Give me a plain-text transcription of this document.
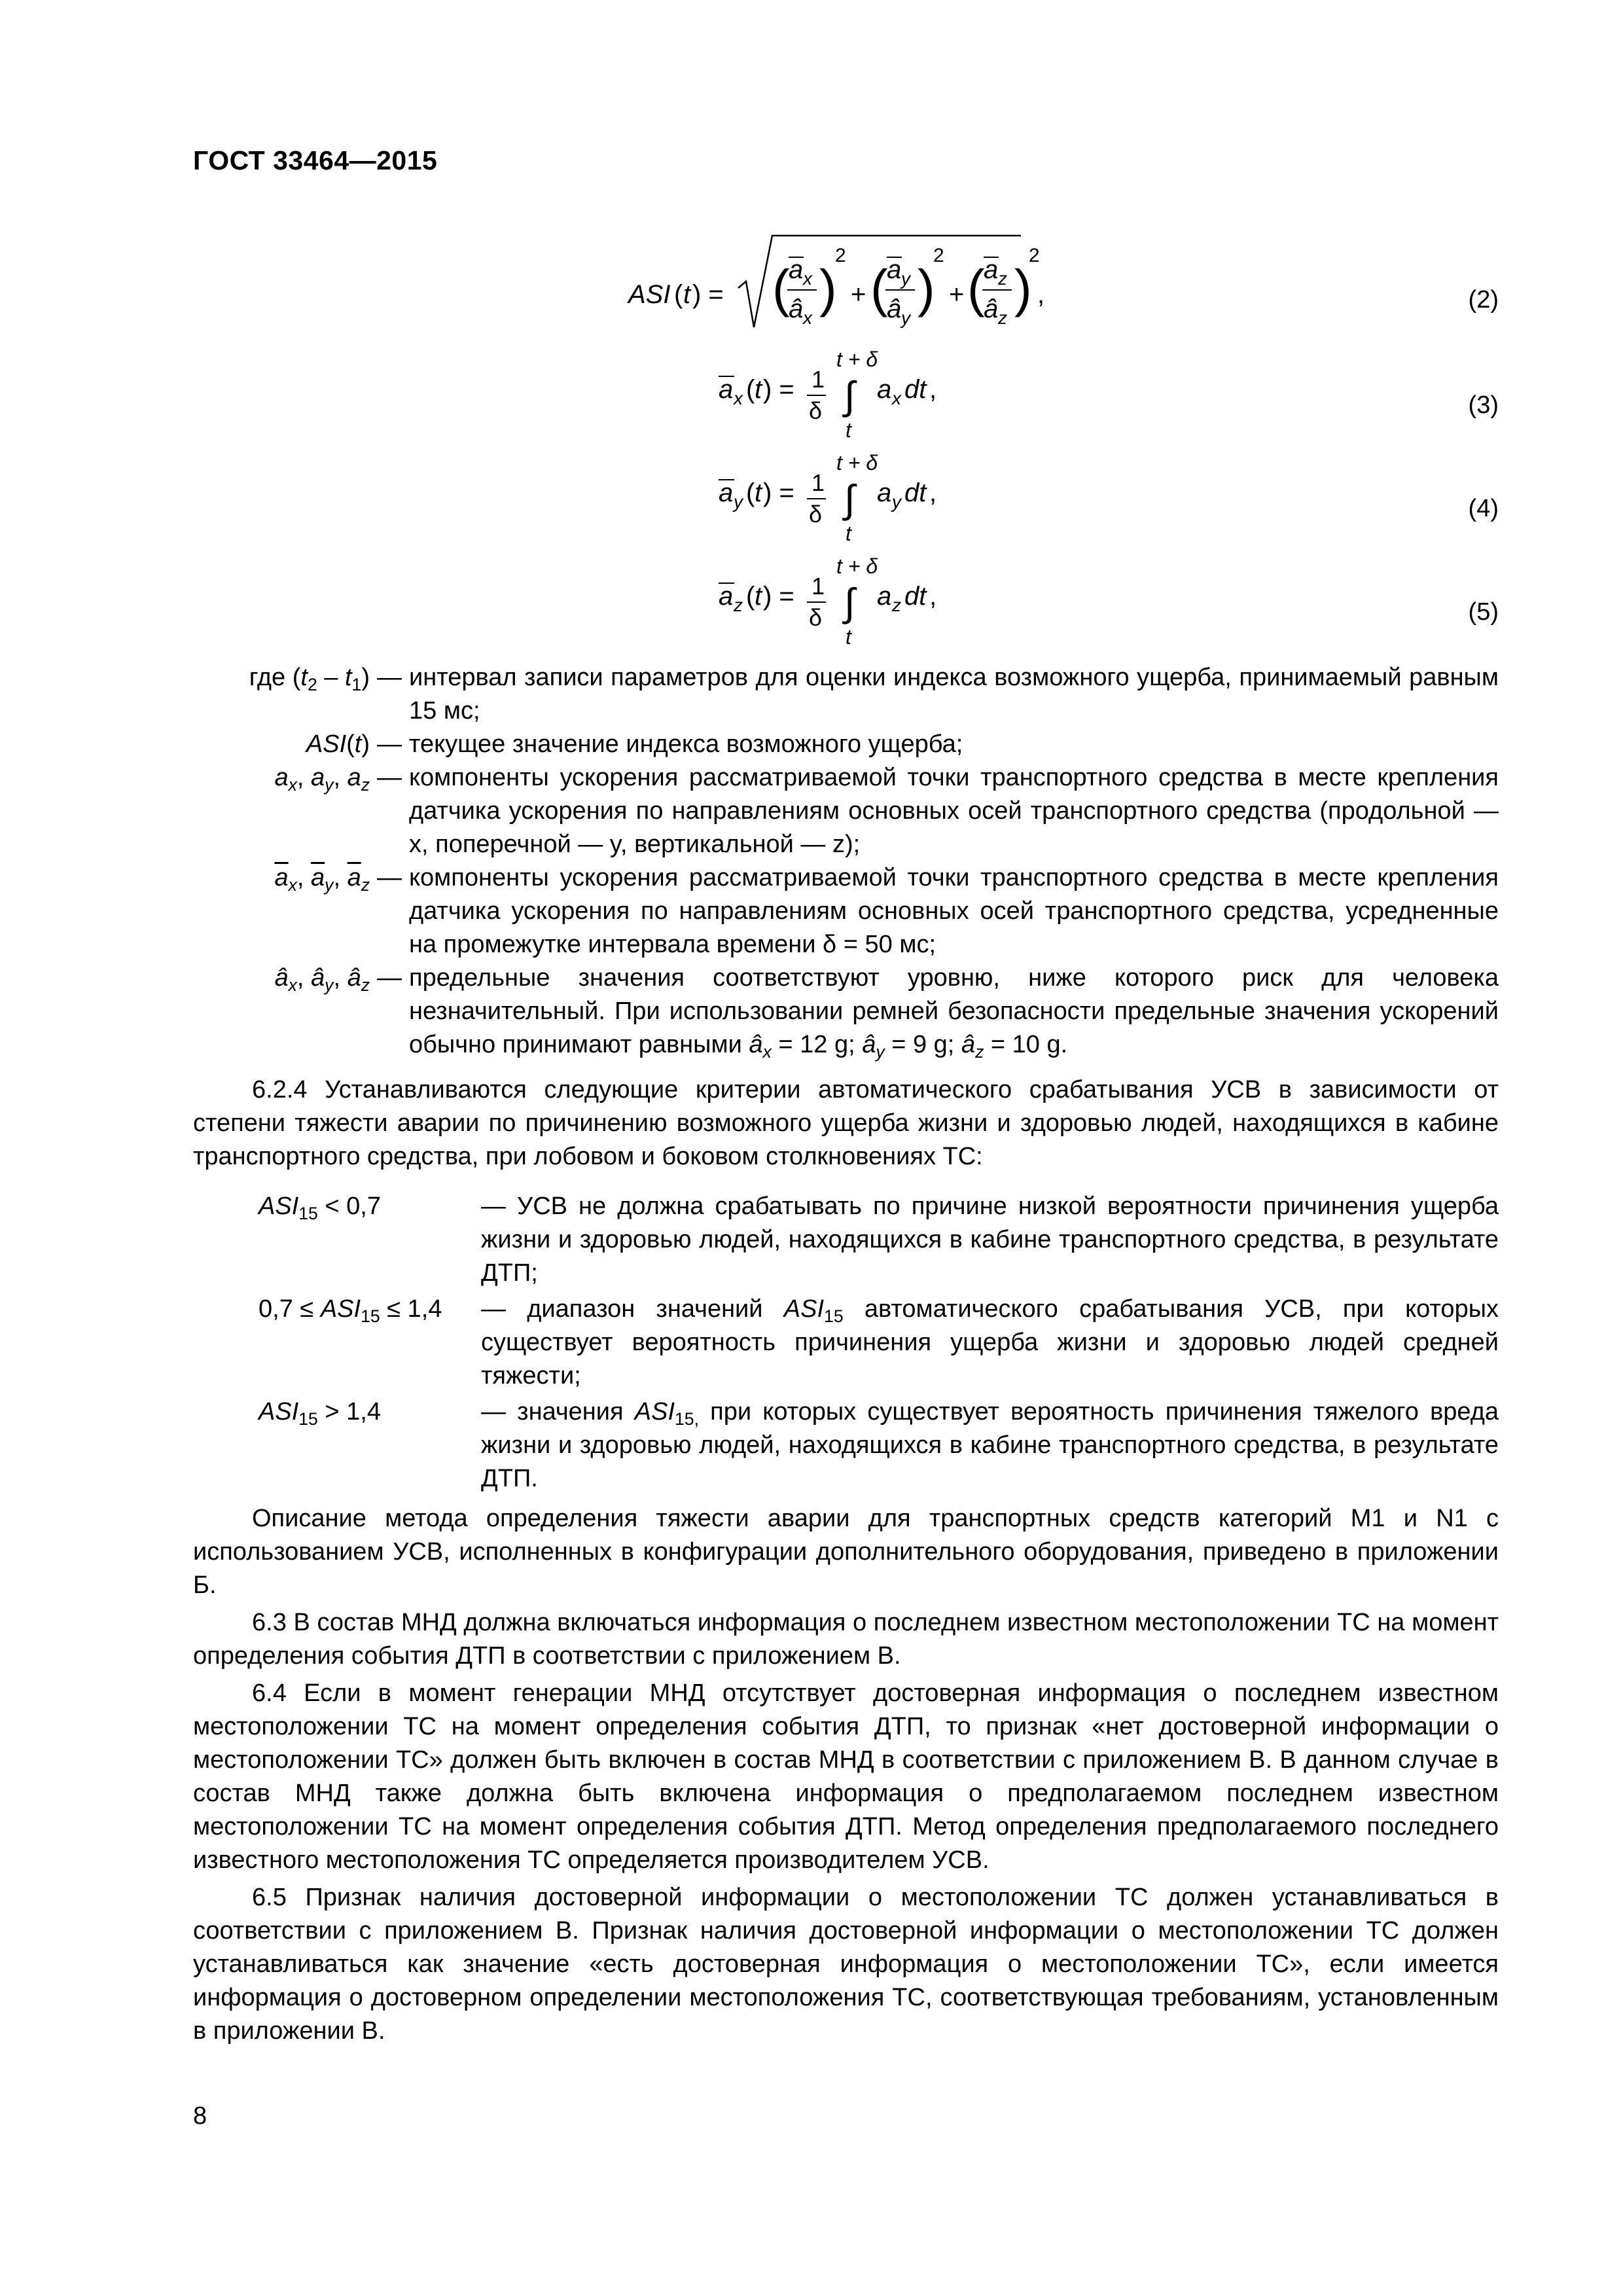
ГОСТ 33464—2015
ASI ( t ) = (
a x
â x
)
2
+ (
a y
â y
)
2
+ (
a z
â z
)
2
,
a x ( t ) = 1
δ
t + δ
∫
t
a x dt ,
a y ( t ) = 1
δ
t + δ
∫
t
a y dt ,
a z ( t ) = 1
δ
t + δ
∫
t
a z dt ,
(2)
(3)
(4)
(5)
где $(t_2 - t_1)$ — интервал записи параметров для оценки индекса возможного ущерба, принимаемый равным 15 мс;
ASI(t) — текущее значение индекса возможного ущерба;
$a_x$, $a_y$, $a_z$ — компоненты ускорения рассматриваемой точки транспортного средства в месте крепления датчика ускорения по направлениям основных осей транспортного средства (продольной — x, поперечной — y, вертикальной — z);
$\overline{a}_x$, $\overline{a}_y$, $\overline{a}_z$ — компоненты ускорения рассматриваемой точки транспортного средства в месте крепления датчика ускорения по направлениям основных осей транспортного средства, усредненные на промежутке интервала времени δ = 50 мс;
$â_x$, $â_y$, $â_z$ — предельные значения соответствуют уровню, ниже которого риск для человека незначительный. При использовании ремней безопасности предельные значения ускорений обычно принимают равными $â_x = 12$ g; $â_y = 9$ g; $â_z = 10$ g.

6.2.4 Устанавливаются следующие критерии автоматического срабатывания УСВ в зависимости от степени тяжести аварии по причинению возможного ущерба жизни и здоровью людей, находящихся в кабине транспортного средства, при лобовом и боковом столкновениях ТС:

$ASI_{15} < 0,7$	— УСВ не должна срабатывать по причине низкой вероятности причинения ущерба жизни и здоровью людей, находящихся в кабине транспортного средства, в результате ДТП;
$0,7 \le ASI_{15} \le 1,4$	— диапазон значений $ASI_{15}$ автоматического срабатывания УСВ, при которых существует вероятность причинения ущерба жизни и здоровью людей средней тяжести;
$ASI_{15} > 1,4$	— значения $ASI_{15,}$ при которых существует вероятность причинения тяжелого вреда жизни и здоровью людей, находящихся в кабине транспортного средства, в результате ДТП.

Описание метода определения тяжести аварии для транспортных средств категорий М1 и N1 с использованием УСВ, исполненных в конфигурации дополнительного оборудования, приведено в приложении Б.

6.3 В состав МНД должна включаться информация о последнем известном местоположении ТС на момент определения события ДТП в соответствии с приложением В.

6.4 Если в момент генерации МНД отсутствует достоверная информация о последнем известном местоположении ТС на момент определения события ДТП, то признак «нет достоверной информации о местоположении ТС» должен быть включен в состав МНД в соответствии с приложением В. В данном случае в состав МНД также должна быть включена информация о предполагаемом последнем известном местоположении ТС на момент определения события ДТП. Метод определения предполагаемого последнего известного местоположения ТС определяется производителем УСВ.

6.5 Признак наличия достоверной информации о местоположении ТС должен устанавливаться в соответствии с приложением В. Признак наличия достоверной информации о местоположении ТС должен устанавливаться как значение «есть достоверная информация о местоположении ТС», если имеется информация о достоверном определении местоположения ТС, соответствующая требованиям, установленным в приложении В.

8
